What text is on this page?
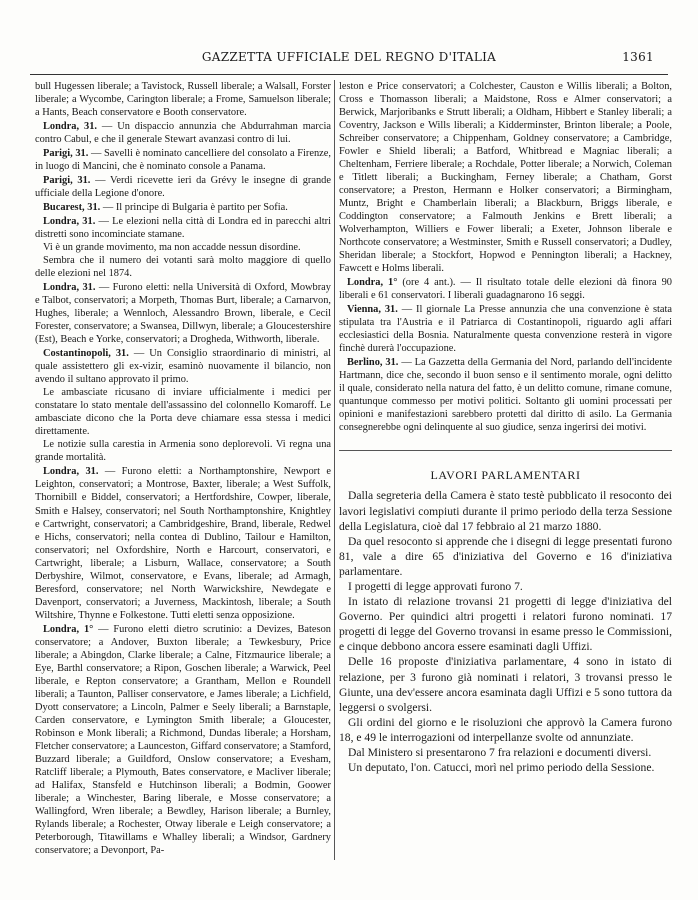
GAZZETTA UFFICIALE DEL REGNO D'ITALIA	1361

bull Hugessen liberale; a Tavistock, Russell liberale; a Walsall, Forster liberale; a Wycombe, Carington liberale; a Frome, Samuelson liberale; a Hants, Beach conservatore e Booth conservatore.

Londra, 31. — Un dispaccio annunzia che Abdurrahman marcia contro Cabul, e che il generale Stewart avanzasi contro di lui.

Parigi, 31. — Savelli è nominato cancelliere del consolato a Firenze, in luogo di Mancini, che è nominato console a Panama.

Parigi, 31. — Verdi ricevette ieri da Grévy le insegne di grande ufficiale della Legione d'onore.

Bucarest, 31. — Il principe di Bulgaria è partito per Sofia.

Londra, 31. — Le elezioni nella città di Londra ed in parecchi altri distretti sono incominciate stamane.

Vi è un grande movimento, ma non accadde nessun disordine.

Sembra che il numero dei votanti sarà molto maggiore di quello delle elezioni nel 1874.

Londra, 31. — Furono eletti: nella Università di Oxford, Mowbray e Talbot, conservatori; a Morpeth, Thomas Burt, liberale; a Carnarvon, Hughes, liberale; a Wennloch, Alessandro Brown, liberale, e Cecil Forester, conservatore; a Swansea, Dillwyn, liberale; a Gloucestershire (Est), Beach e Yorke, conservatori; a Drogheda, Withworth, liberale.

Costantinopoli, 31. — Un Consiglio straordinario di ministri, al quale assistettero gli ex-vizir, esaminò nuovamente il bilancio, non avendo il sultano approvato il primo.

Le ambasciate ricusano di inviare ufficialmente i medici per constatare lo stato mentale dell'assassino del colonnello Komaroff. Le ambasciate dicono che la Porta deve chiamare essa stessa i medici direttamente.

Le notizie sulla carestia in Armenia sono deplorevoli. Vi regna una grande mortalità.

Londra, 31. — Furono eletti: a Northamptonshire, Newport e Leighton, conservatori; a Montrose, Baxter, liberale; a West Suffolk, Thornibill e Biddel, conservatori; a Hertfordshire, Cowper, liberale, Smith e Halsey, conservatori; nel South Northamptonshire, Knightley e Cartwright, conservatori; a Cambridgeshire, Brand, liberale, Redwel e Hichs, conservatori; nella contea di Dublino, Tailour e Hamilton, conservatori; nel Oxfordshire, North e Harcourt, conservatori, e Cartwright, liberale; a Lisburn, Wallace, conservatore; a South Derbyshire, Wilmot, conservatore, e Evans, liberale; ad Armagh, Beresford, conservatore; nel North Warwickshire, Newdegate e Davenport, conservatori; a Juverness, Mackintosh, liberale; a South Wiltshire, Thynne e Folkestone. Tutti eletti senza opposizione.

Londra, 1° — Furono eletti dietro scrutinio: a Devizes, Bateson conservatore; a Andover, Buxton liberale; a Tewkesbury, Price liberale; a Abingdon, Clarke liberale; a Calne, Fitzmaurice liberale; a Eye, Barthl conservatore; a Ripon, Goschen liberale; a Warwick, Peel liberale, e Repton conservatore; a Grantham, Mellon e Roundell liberali; a Taunton, Palliser conservatore, e James liberale; a Lichfield, Dyott conservatore; a Lincoln, Palmer e Seely liberali; a Barnstaple, Carden conservatore, e Lymington Smith liberale; a Gloucester, Robinson e Monk liberali; a Richmond, Dundas liberale; a Horsham, Fletcher conservatore; a Launceston, Giffard conservatore; a Stamford, Buzzard liberale; a Guildford, Onslow conservatore; a Evesham, Ratcliff liberale; a Plymouth, Bates conservatore, e Macliver liberale; ad Halifax, Stansfeld e Hutchinson liberali; a Bodmin, Goower liberale; a Winchester, Baring liberale, e Mosse conservatore; a Wallingford, Wren liberale; a Bewdley, Harison liberale; a Burnley, Rylands liberale; a Rochester, Otway liberale e Leigh conservatore; a Peterborough, Titawillams e Whalley liberali; a Windsor, Gardnery conservatore; a Devonport, Pa-

leston e Price conservatori; a Colchester, Causton e Willis liberali; a Bolton, Cross e Thomasson liberali; a Maidstone, Ross e Almer conservatori; a Berwick, Marjoribanks e Strutt liberali; a Oldham, Hibbert e Stanley liberali; a Coventry, Jackson e Wills liberali; a Kidderminster, Brinton liberale; a Poole, Schreiber conservatore; a Chippenham, Goldney conservatore; a Cambridge, Fowler e Shield liberali; a Batford, Whitbread e Magniac liberali; a Cheltenham, Ferriere liberale; a Rochdale, Potter liberale; a Norwich, Coleman e Titlett liberali; a Buckingham, Ferney liberale; a Chatham, Gorst conservatore; a Preston, Hermann e Holker conservatori; a Birmingham, Muntz, Bright e Chamberlain liberali; a Blackburn, Briggs liberale, e Coddington conservatore; a Falmouth Jenkins e Brett liberali; a Wolverhampton, Williers e Fower liberali; a Exeter, Johnson liberale e Northcote conservatore; a Westminster, Smith e Russell conservatori; a Dudley, Sheridan liberale; a Stockfort, Hopwod e Pennington liberali; a Hackney, Fawcett e Holms liberali.

Londra, 1° (ore 4 ant.). — Il risultato totale delle elezioni dà finora 90 liberali e 61 conservatori. I liberali guadagnarono 16 seggi.

Vienna, 31. — Il giornale La Presse annunzia che una convenzione è stata stipulata tra l'Austria e il Patriarca di Costantinopoli, riguardo agli affari ecclesiastici della Bosnia. Naturalmente questa convenzione resterà in vigore finchè durerà l'occupazione.

Berlino, 31. — La Gazzetta della Germania del Nord, parlando dell'incidente Hartmann, dice che, secondo il buon senso e il sentimento morale, ogni delitto il quale, considerato nella natura del fatto, è un delitto comune, rimane comune, quantunque commesso per motivi politici. Soltanto gli uomini processati per opinioni e manifestazioni sarebbero protetti dal diritto di asilo. La Germania consegnerebbe ogni delinquente al suo giudice, senza ingerirsi dei motivi.

LAVORI PARLAMENTARI

Dalla segreteria della Camera è stato testè pubblicato il resoconto dei lavori legislativi compiuti durante il primo periodo della terza Sessione della Legislatura, cioè dal 17 febbraio al 21 marzo 1880.

Da quel resoconto si apprende che i disegni di legge presentati furono 81, vale a dire 65 d'iniziativa del Governo e 16 d'iniziativa parlamentare.

I progetti di legge approvati furono 7.

In istato di relazione trovansi 21 progetti di legge d'iniziativa del Governo. Per quindici altri progetti i relatori furono nominati. 17 progetti di legge del Governo trovansi in esame presso le Commissioni, e cinque debbono ancora essere esaminati dagli Uffizi.

Delle 16 proposte d'iniziativa parlamentare, 4 sono in istato di relazione, per 3 furono già nominati i relatori, 3 trovansi presso le Giunte, una dev'essere ancora esaminata dagli Uffizi e 5 sono tuttora da leggersi o svolgersi.

Gli ordini del giorno e le risoluzioni che approvò la Camera furono 18, e 49 le interrogazioni od interpellanze svolte od annunziate.

Dal Ministero si presentarono 7 fra relazioni e documenti diversi.

Un deputato, l'on. Catucci, morì nel primo periodo della Sessione.
